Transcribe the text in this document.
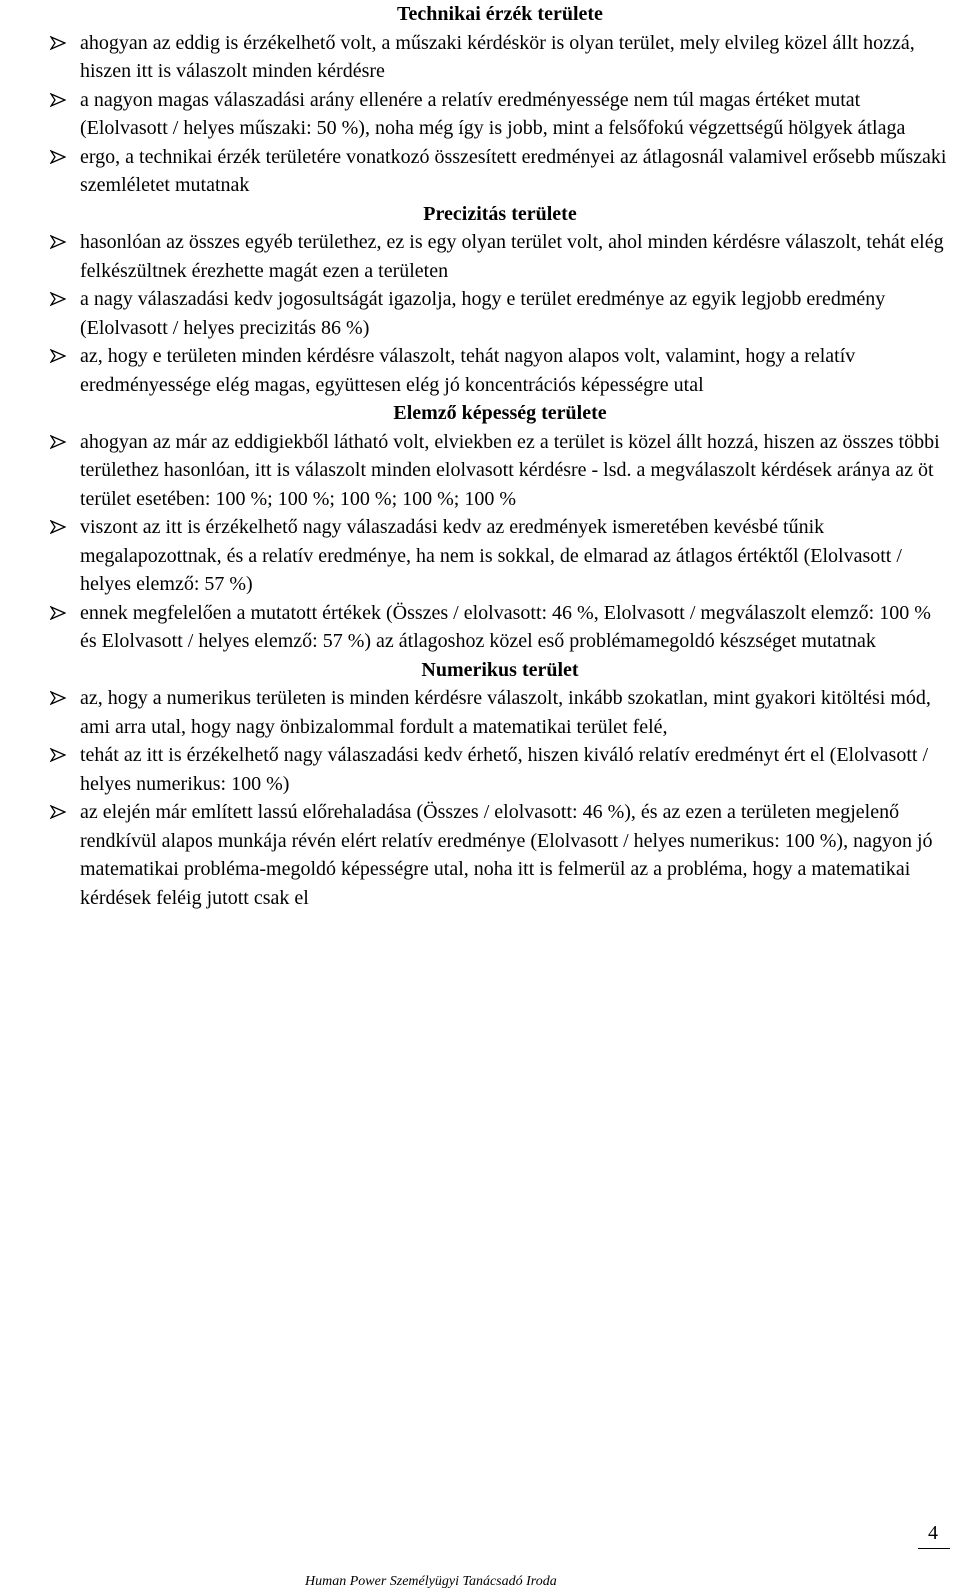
Technikai érzék területe
ahogyan az eddig is érzékelhető volt, a műszaki kérdéskör is olyan terület, mely elvileg közel állt hozzá, hiszen itt is válaszolt minden kérdésre
a nagyon magas válaszadási arány ellenére a relatív eredményessége nem túl magas értéket mutat (Elolvasott / helyes műszaki: 50 %), noha még így is jobb, mint a felsőfokú végzettségű hölgyek átlaga
ergo, a technikai érzék területére vonatkozó összesített eredményei az átlagosnál valamivel erősebb műszaki szemléletet mutatnak
Precizitás területe
hasonlóan az összes egyéb területhez, ez is egy olyan terület volt, ahol minden kérdésre válaszolt, tehát elég felkészültnek érezhette magát ezen a területen
a nagy válaszadási kedv jogosultságát igazolja, hogy e terület eredménye az egyik legjobb eredmény (Elolvasott / helyes precizitás 86 %)
az, hogy e területen minden kérdésre válaszolt, tehát nagyon alapos volt, valamint, hogy a relatív eredményessége elég magas, együttesen elég jó koncentrációs képességre utal
Elemző képesség területe
ahogyan az már az eddigiekből látható volt, elviekben ez a terület is közel állt hozzá, hiszen az összes többi területhez hasonlóan, itt is válaszolt minden elolvasott kérdésre - lsd. a megválaszolt kérdések aránya az öt terület esetében: 100 %; 100 %; 100 %; 100 %; 100 %
viszont az itt is érzékelhető nagy válaszadási kedv az eredmények ismeretében kevésbé tűnik megalapozottnak, és a relatív eredménye, ha nem is sokkal, de elmarad az átlagos értéktől (Elolvasott / helyes elemző: 57 %)
ennek megfelelően a mutatott értékek (Összes / elolvasott: 46 %, Elolvasott / megválaszolt elemző: 100 % és Elolvasott / helyes elemző: 57 %) az átlagoshoz közel eső problémamegoldó készséget mutatnak
Numerikus terület
az, hogy a numerikus területen is minden kérdésre válaszolt, inkább szokatlan, mint gyakori kitöltési mód, ami arra utal, hogy nagy önbizalommal fordult a matematikai terület felé,
tehát az itt is érzékelhető nagy válaszadási kedv érhető, hiszen kiváló relatív eredményt ért el (Elolvasott / helyes numerikus: 100 %)
az elején már említett lassú előrehaladása (Összes / elolvasott: 46 %), és az ezen a területen megjelenő rendkívül alapos munkája révén elért relatív eredménye (Elolvasott / helyes numerikus: 100 %), nagyon jó matematikai probléma-megoldó képességre utal, noha itt is felmerül az a probléma, hogy a matematikai kérdések feléig jutott csak el
4
Human Power Személyügyi Tanácsadó Iroda
